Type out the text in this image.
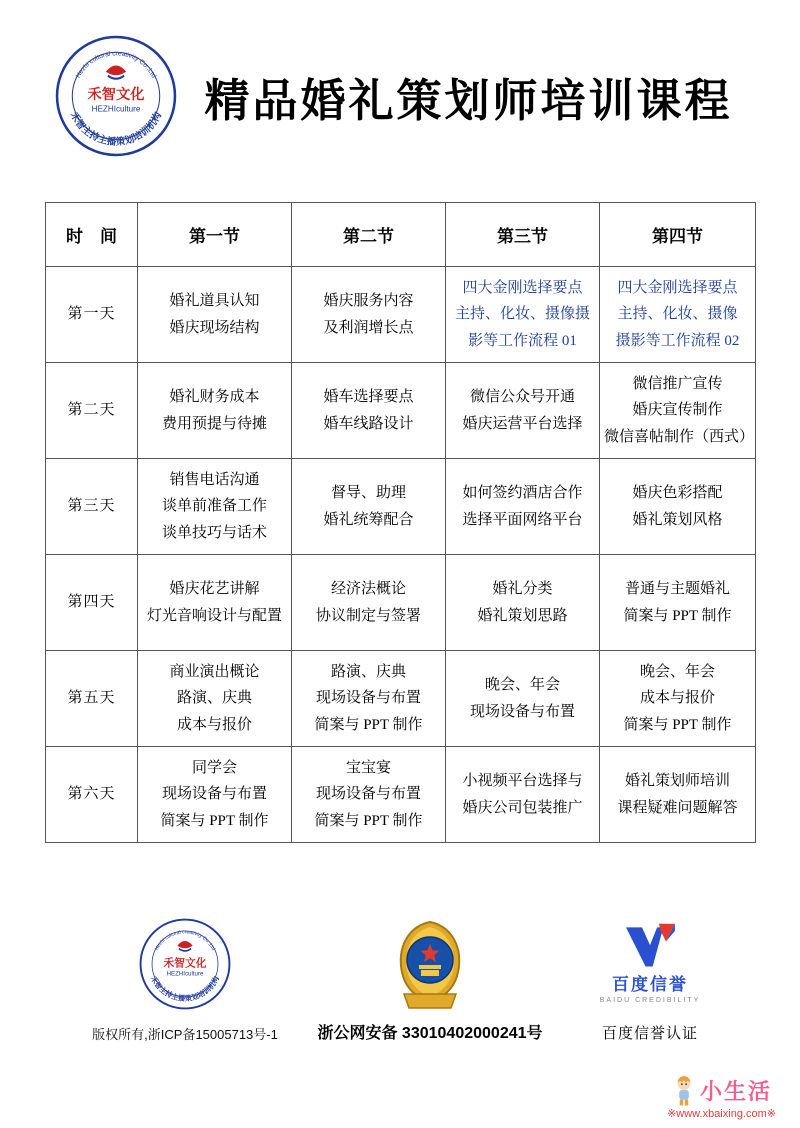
Hezhi cultural creativity Co.,Ltd
禾智主持主播策划培训机构
禾智文化
HEZHIculture	精品婚礼策划师培训课程
时　间	第一节	第二节	第三节	第四节
第一天	
婚礼道具认知
婚庆现场结构

婚庆服务内容
及利润增长点

四大金刚选择要点
主持、化妆、摄像摄
影等工作流程 01

四大金刚选择要点
主持、化妆、摄像
摄影等工作流程 02

第二天	
婚礼财务成本
费用预提与待摊

婚车选择要点
婚车线路设计

微信公众号开通
婚庆运营平台选择

微信推广宣传
婚庆宣传制作
微信喜帖制作（西式）

第三天	
销售电话沟通
谈单前准备工作
谈单技巧与话术

督导、助理
婚礼统筹配合

如何签约酒店合作
选择平面网络平台

婚庆色彩搭配
婚礼策划风格

第四天	
婚庆花艺讲解
灯光音响设计与配置

经济法概论
协议制定与签署

婚礼分类
婚礼策划思路

普通与主题婚礼
简案与 PPT 制作

第五天	
商业演出概论
路演、庆典
成本与报价

路演、庆典
现场设备与布置
简案与 PPT 制作

晚会、年会
现场设备与布置

晚会、年会
成本与报价
简案与 PPT 制作

第六天	
同学会
现场设备与布置
简案与 PPT 制作

宝宝宴
现场设备与布置
简案与 PPT 制作

小视频平台选择与
婚庆公司包装推广

婚礼策划师培训
课程疑难问题解答
Hezhi cultural creativity Co.,Ltd
禾智主持主播策划培训机构
禾智文化
HEZHIculture
版权所有,浙ICP备15005713号-1 浙公网安备 33010402000241号
百度信誉
BAIDU CREDIBILITY
百度信誉认证
小生活
※www.xbaixing.com※
